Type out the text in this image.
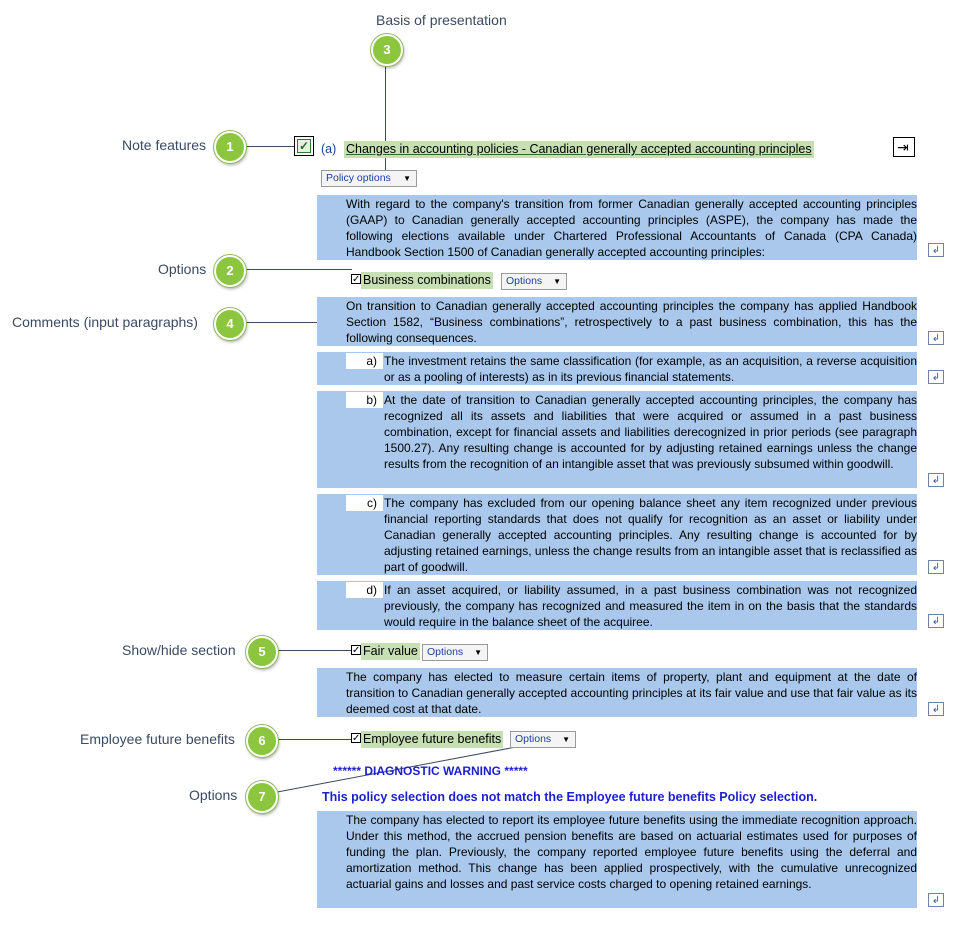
Basis of presentation
Note features
Options
Comments (input paragraphs)
Show/hide section
Employee future benefits
Options
3
1
2
4
5
6
7
✓ (a) Changes in accounting policies - Canadian generally accepted accounting principles	⇥
Policy options ▼
With regard to the company's transition from former Canadian generally accepted accounting principles (GAAP) to Canadian generally accepted accounting principles (ASPE), the company has made the following elections available under Chartered Professional Accountants of Canada (CPA Canada) Handbook Section 1500 of Canadian generally accepted accounting principles:	↲
✓ Business combinations	Options ▼
On transition to Canadian generally accepted accounting principles the company has applied Handbook Section 1582, “Business combinations”, retrospectively to a past business combination, this has the following consequences.	↲
a) The investment retains the same classification (for example, as an acquisition, a reverse acquisition or as a pooling of interests) as in its previous financial statements.	↲
b) At the date of transition to Canadian generally accepted accounting principles, the company has recognized all its assets and liabilities that were acquired or assumed in a past business combination, except for financial assets and liabilities derecognized in prior periods (see paragraph 1500.27). Any resulting change is accounted for by adjusting retained earnings unless the change results from the recognition of an intangible asset that was previously subsumed within goodwill.
↲
c) The company has excluded from our opening balance sheet any item recognized under previous financial reporting standards that does not qualify for recognition as an asset or liability under Canadian generally accepted accounting principles. Any resulting change is accounted for by adjusting retained earnings, unless the change results from an intangible asset that is reclassified as part of goodwill.	↲
d) If an asset acquired, or liability assumed, in a past business combination was not recognized previously, the company has recognized and measured the item in on the basis that the standards would require in the balance sheet of the acquiree.	↲
✓ Fair value Options ▼
The company has elected to measure certain items of property, plant and equipment at the date of transition to Canadian generally accepted accounting principles at its fair value and use that fair value as its deemed cost at that date.	↲
✓ Employee future benefits	Options ▼
****** DIAGNOSTIC WARNING *****
This policy selection does not match the Employee future benefits Policy selection.
The company has elected to report its employee future benefits using the immediate recognition approach. Under this method, the accrued pension benefits are based on actuarial estimates used for purposes of funding the plan. Previously, the company reported employee future benefits using the deferral and amortization method. This change has been applied prospectively, with the cumulative unrecognized actuarial gains and losses and past service costs charged to opening retained earnings.
↲
